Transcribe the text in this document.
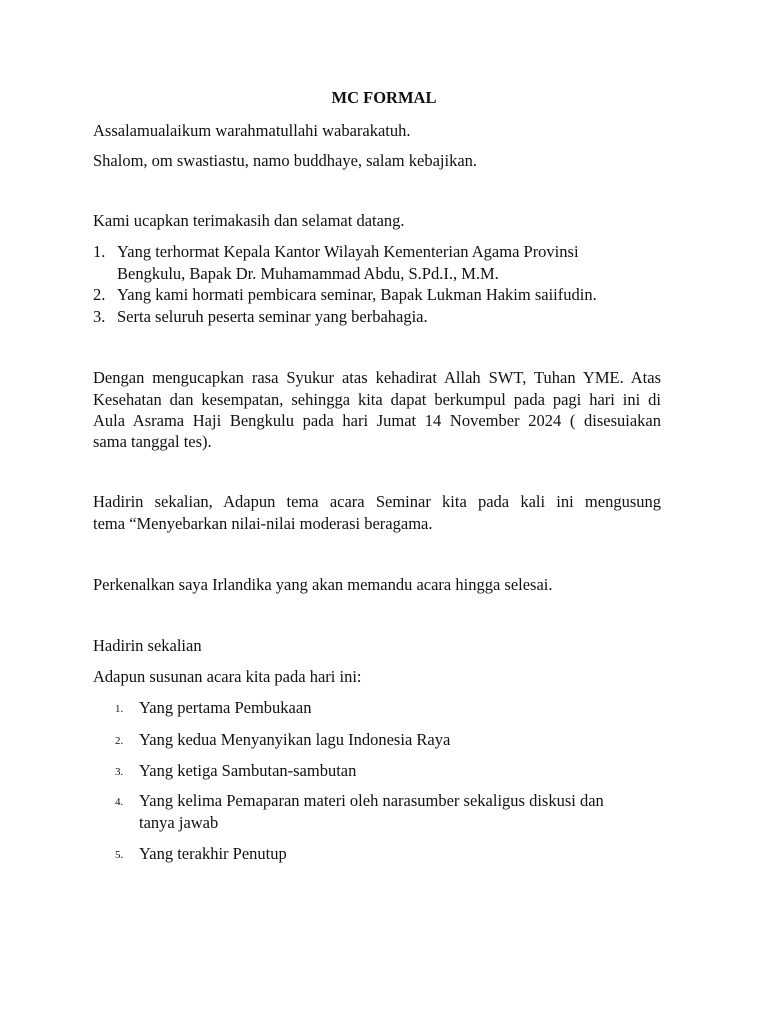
MC FORMAL
Assalamualaikum warahmatullahi wabarakatuh.
Shalom, om swastiastu, namo buddhaye, salam kebajikan.
Kami ucapkan terimakasih dan selamat datang.
1. Yang terhormat Kepala Kantor Wilayah Kementerian Agama Provinsi
Bengkulu, Bapak Dr. Muhamammad Abdu, S.Pd.I., M.M.
2. Yang kami hormati pembicara seminar, Bapak Lukman Hakim saiifudin.
3. Serta seluruh peserta seminar yang berbahagia.
Dengan mengucapkan rasa Syukur atas kehadirat Allah SWT, Tuhan YME. Atas
Kesehatan dan kesempatan, sehingga kita dapat berkumpul pada pagi hari ini di
Aula Asrama Haji Bengkulu pada hari Jumat 14 November 2024 ( disesuiakan
sama tanggal tes).
Hadirin sekalian, Adapun tema acara Seminar kita pada kali ini mengusung
tema “Menyebarkan nilai-nilai moderasi beragama.
Perkenalkan saya Irlandika yang akan memandu acara hingga selesai.
Hadirin sekalian
Adapun susunan acara kita pada hari ini:
1. Yang pertama Pembukaan
2. Yang kedua Menyanyikan lagu Indonesia Raya
3. Yang ketiga Sambutan-sambutan
4. Yang kelima Pemaparan materi oleh narasumber sekaligus diskusi dan
tanya jawab
5. Yang terakhir Penutup
